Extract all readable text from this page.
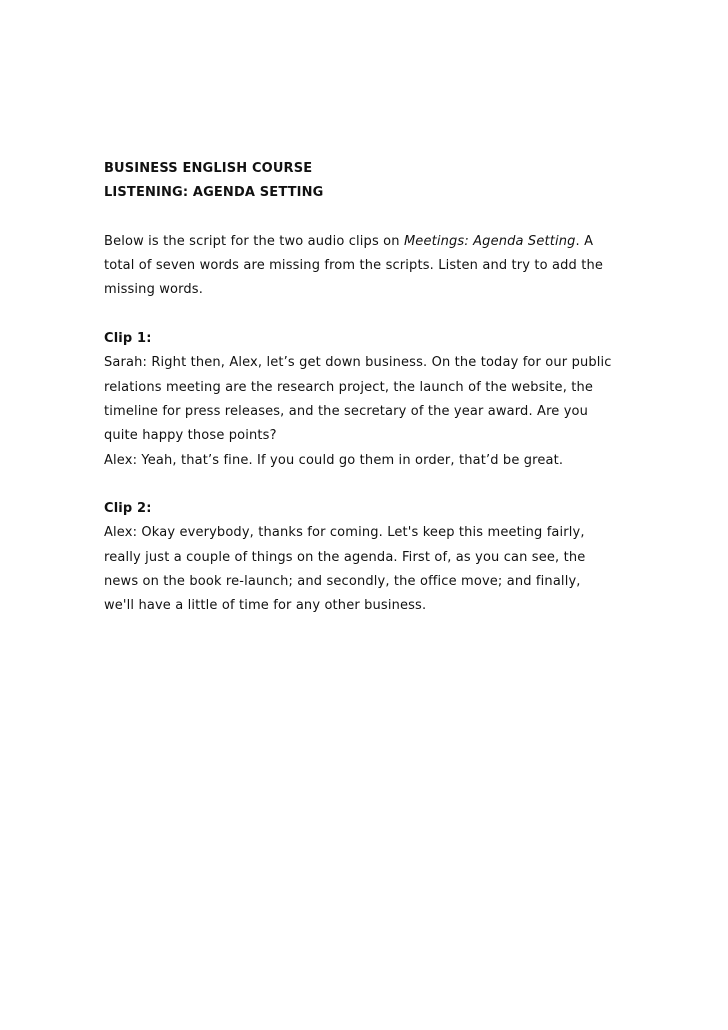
BUSINESS ENGLISH COURSE
LISTENING: AGENDA SETTING
Below is the script for the two audio clips on Meetings: Agenda Setting. A
total of seven words are missing from the scripts. Listen and try to add the
missing words.
Clip 1:
Sarah: Right then, Alex, let’s get down business. On the today for our public
relations meeting are the research project, the launch of the website, the
timeline for press releases, and the secretary of the year award. Are you
quite happy those points?
Alex: Yeah, that’s fine. If you could go them in order, that’d be great.
Clip 2:
Alex: Okay everybody, thanks for coming. Let's keep this meeting fairly,
really just a couple of things on the agenda. First of, as you can see, the
news on the book re-launch; and secondly, the office move; and finally,
we'll have a little of time for any other business.
